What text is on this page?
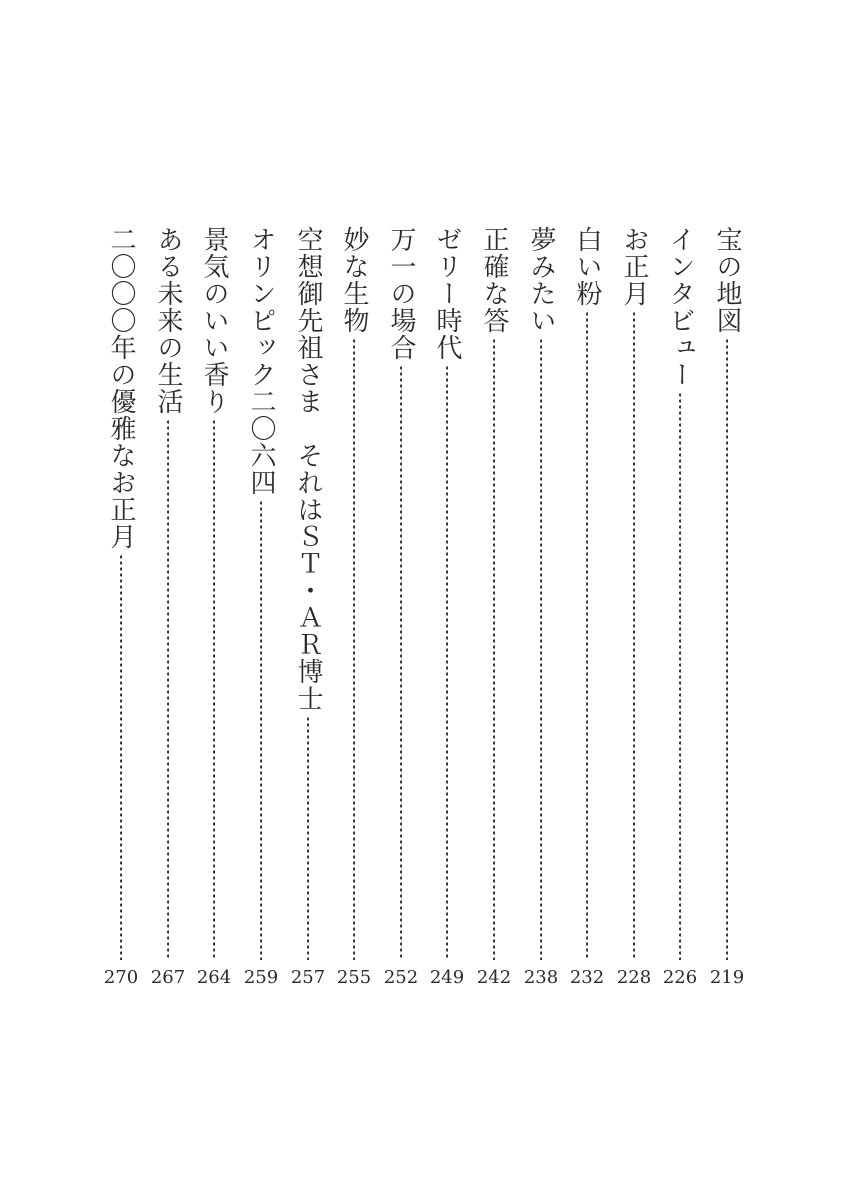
宝の地図
219
インタビュー
226
お正月
228
白い粉
232
夢みたい
238
正確な答
242
ゼリー時代
249
万一の場合
252
妙な生物
255
空想御先祖さま　それはＳＴ・ＡＲ博士
257
オリンピック二〇六四
259
景気のいい香り
264
ある未来の生活
267
二〇〇〇年の優雅なお正月
270
